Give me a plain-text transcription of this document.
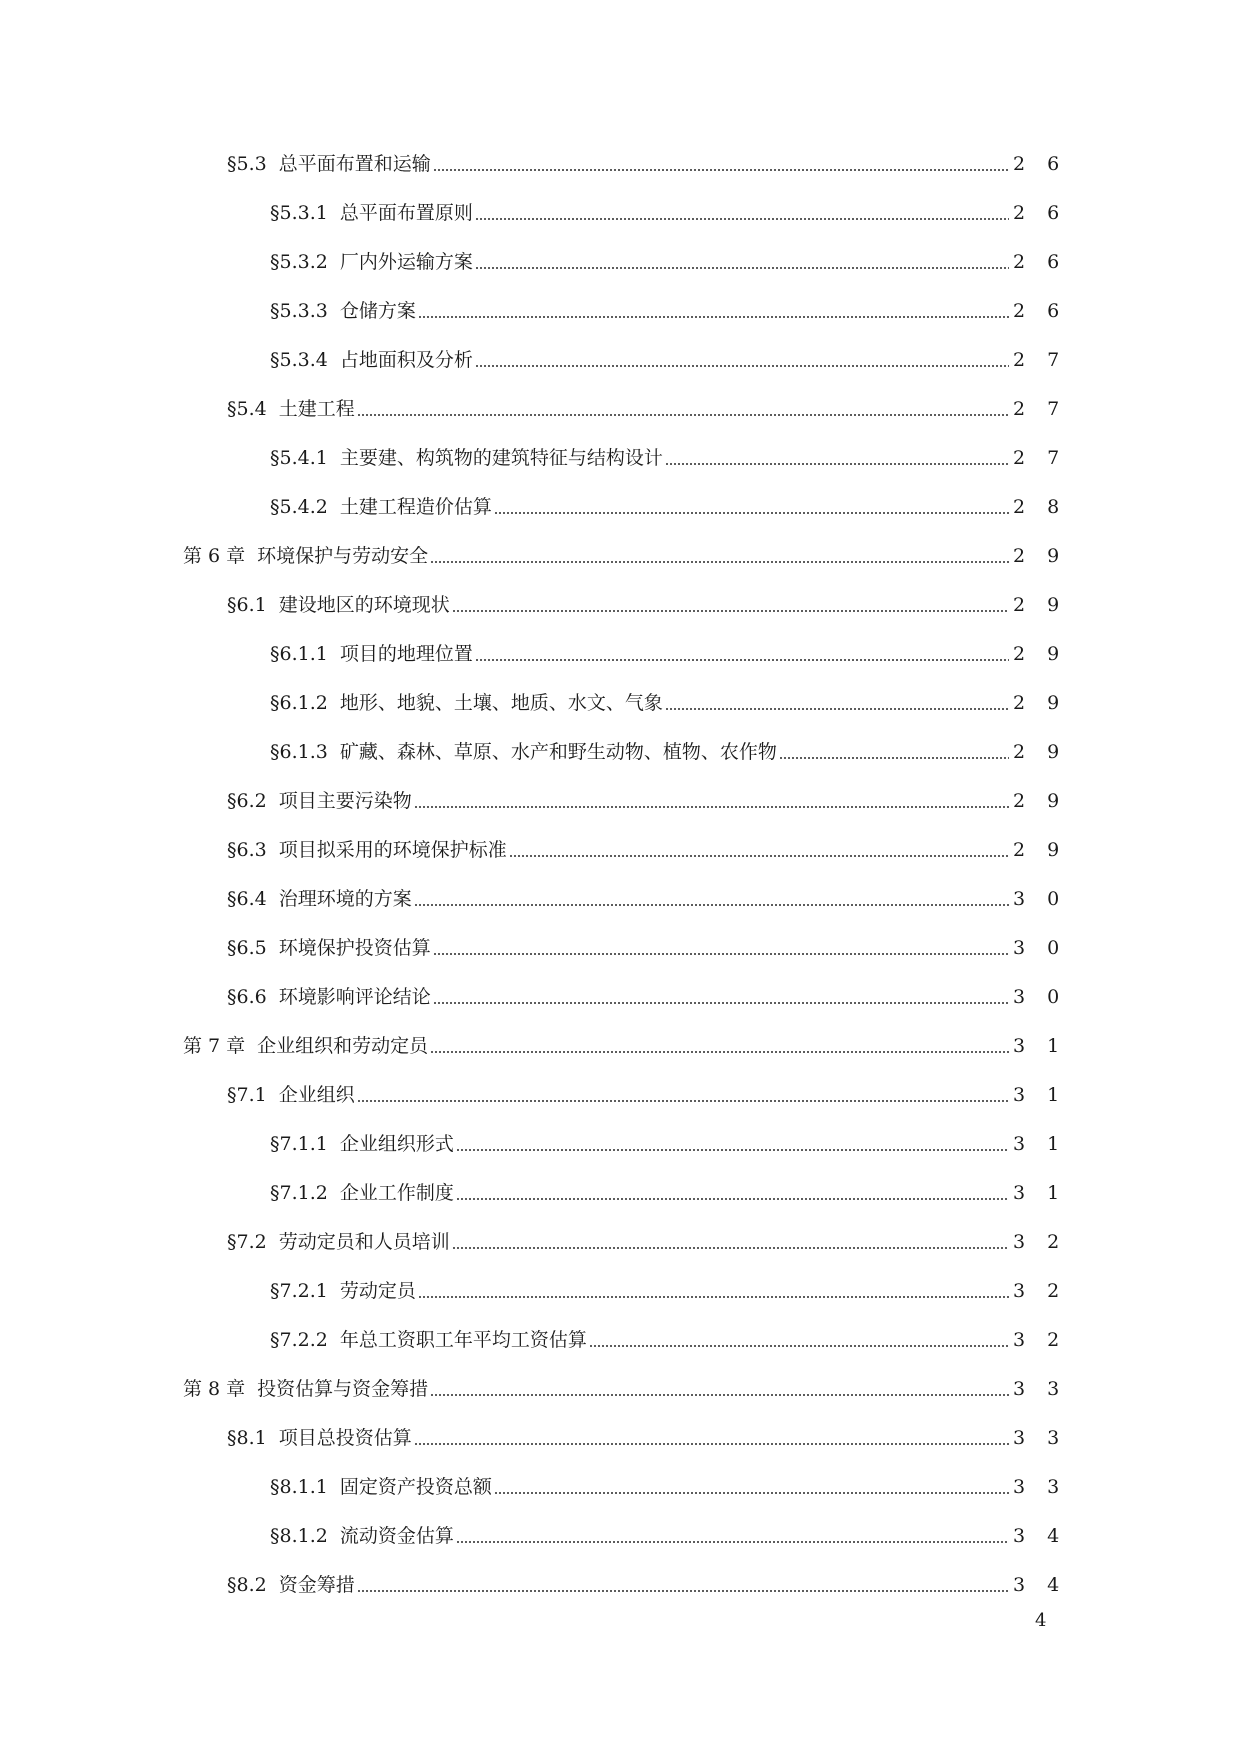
§5.3 总平面布置和运输	2 6
§5.3.1 总平面布置原则	2 6
§5.3.2 厂内外运输方案	2 6
§5.3.3 仓储方案	2 6
§5.3.4 占地面积及分析	2 7
§5.4 土建工程	2 7
§5.4.1 主要建、构筑物的建筑特征与结构设计	2 7
§5.4.2 土建工程造价估算	2 8
第 6 章 环境保护与劳动安全	2 9
§6.1 建设地区的环境现状	2 9
§6.1.1 项目的地理位置	2 9
§6.1.2 地形、地貌、土壤、地质、水文、气象	2 9
§6.1.3 矿藏、森林、草原、水产和野生动物、植物、农作物	2 9
§6.2 项目主要污染物	2 9
§6.3 项目拟采用的环境保护标准	2 9
§6.4 治理环境的方案	3 0
§6.5 环境保护投资估算	3 0
§6.6 环境影响评论结论	3 0
第 7 章 企业组织和劳动定员	3 1
§7.1 企业组织	3 1
§7.1.1 企业组织形式	3 1
§7.1.2 企业工作制度	3 1
§7.2 劳动定员和人员培训	3 2
§7.2.1 劳动定员	3 2
§7.2.2 年总工资职工年平均工资估算	3 2
第 8 章 投资估算与资金筹措	3 3
§8.1 项目总投资估算	3 3
§8.1.1 固定资产投资总额	3 3
§8.1.2 流动资金估算	3 4
§8.2 资金筹措	3 4
4
